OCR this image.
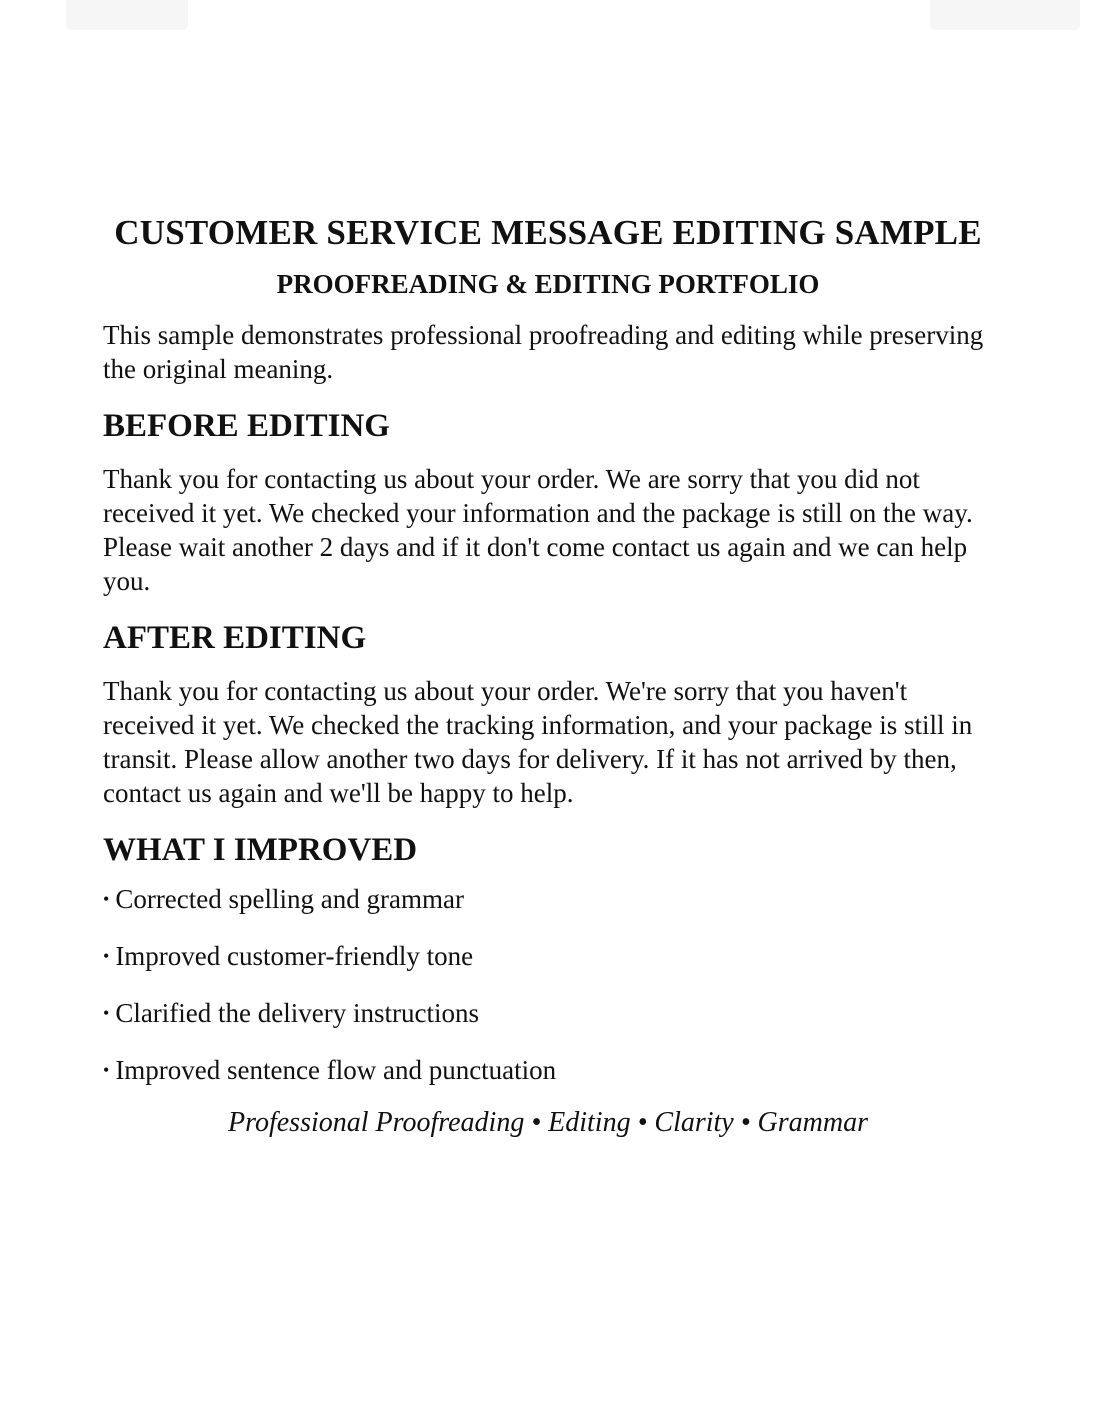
CUSTOMER SERVICE MESSAGE EDITING SAMPLE
PROOFREADING & EDITING PORTFOLIO

This sample demonstrates professional proofreading and editing while preserving the original meaning.

BEFORE EDITING

Thank you for contacting us about your order. We are sorry that you did not received it yet. We checked your information and the package is still on the way. Please wait another 2 days and if it don't come contact us again and we can help you.

AFTER EDITING

Thank you for contacting us about your order. We're sorry that you haven't received it yet. We checked the tracking information, and your package is still in transit. Please allow another two days for delivery. If it has not arrived by then, contact us again and we'll be happy to help.

WHAT I IMPROVED
• Corrected spelling and grammar
• Improved customer-friendly tone
• Clarified the delivery instructions
• Improved sentence flow and punctuation

Professional Proofreading • Editing • Clarity • Grammar
